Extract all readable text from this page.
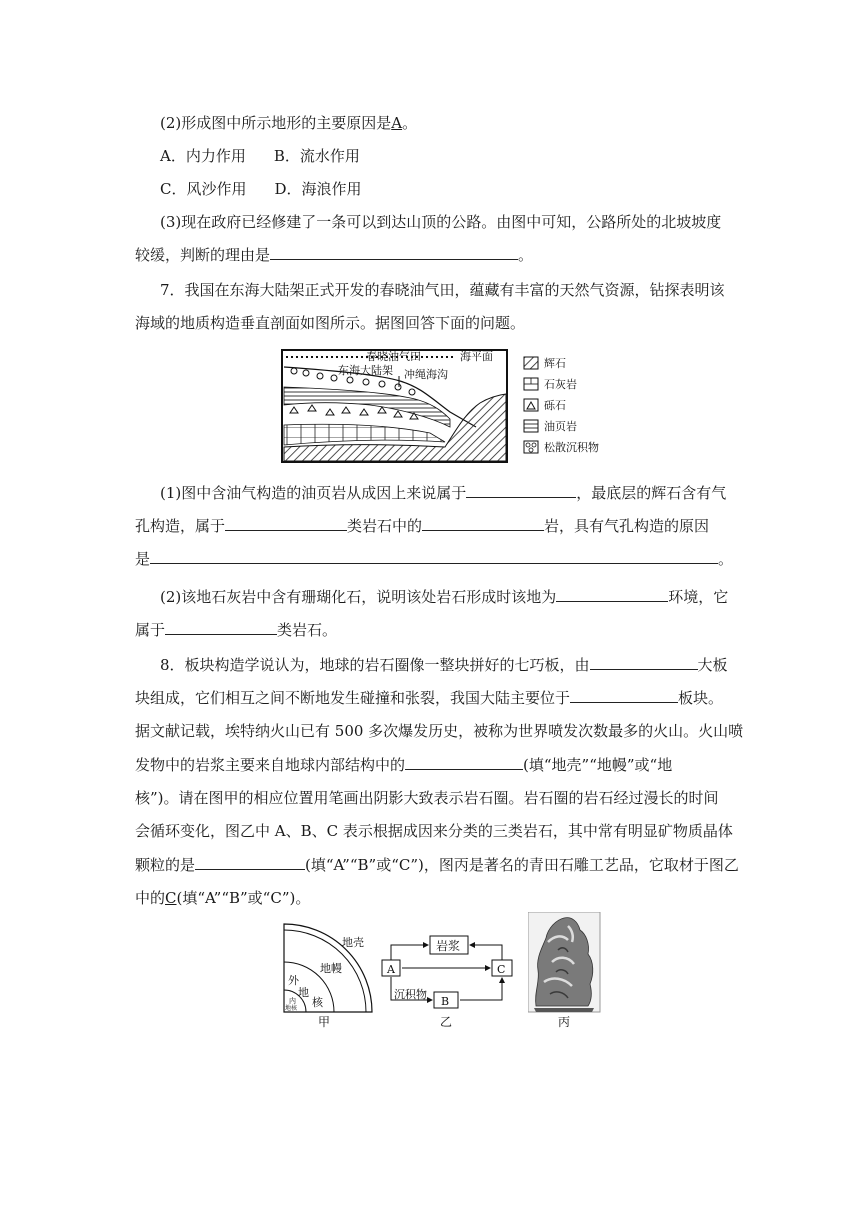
(2)形成图中所示地形的主要原因是A。
A．内力作用 B．流水作用
C．风沙作用 D．海浪作用
(3)现在政府已经修建了一条可以到达山顶的公路。由图中可知，公路所处的北坡坡度
较缓，判断的理由是	。
7．我国在东海大陆架正式开发的春晓油气田，蕴藏有丰富的天然气资源，钻探表明该
海域的地质构造垂直剖面如图所示。据图回答下面的问题。
春晓油气田	海平面
东海大陆架 冲绳海沟
辉石
石灰岩
砾石
油页岩
松散沉积物
(1)图中含油气构造的油页岩从成因上来说属于	，最底层的辉石含有气
孔构造，属于	类岩石中的	岩，具有气孔构造的原因
是	。
(2)该地石灰岩中含有珊瑚化石，说明该处岩石形成时该地为	环境，它
属于	类岩石。
8．板块构造学说认为，地球的岩石圈像一整块拼好的七巧板，由	大板
块组成，它们相互之间不断地发生碰撞和张裂，我国大陆主要位于	板块。
据文献记载，埃特纳火山已有 500 多次爆发历史，被称为世界喷发次数最多的火山。火山喷
发物中的岩浆主要来自地球内部结构中的	(填“地壳”“地幔”或“地
核”)。请在图甲的相应位置用笔画出阴影大致表示岩石圈。岩石圈的岩石经过漫长的时间
会循环变化，图乙中 A、B、C 表示根据成因来分类的三类岩石，其中常有明显矿物质晶体
颗粒的是	(填“A”“B”或“C”)，图丙是著名的青田石雕工艺品，它取材于图乙
中的C(填“A”“B”或“C”)。
地壳
地幔
外
地
核
内
地核
甲
岩浆
A	C
B
沉积物
乙	丙
